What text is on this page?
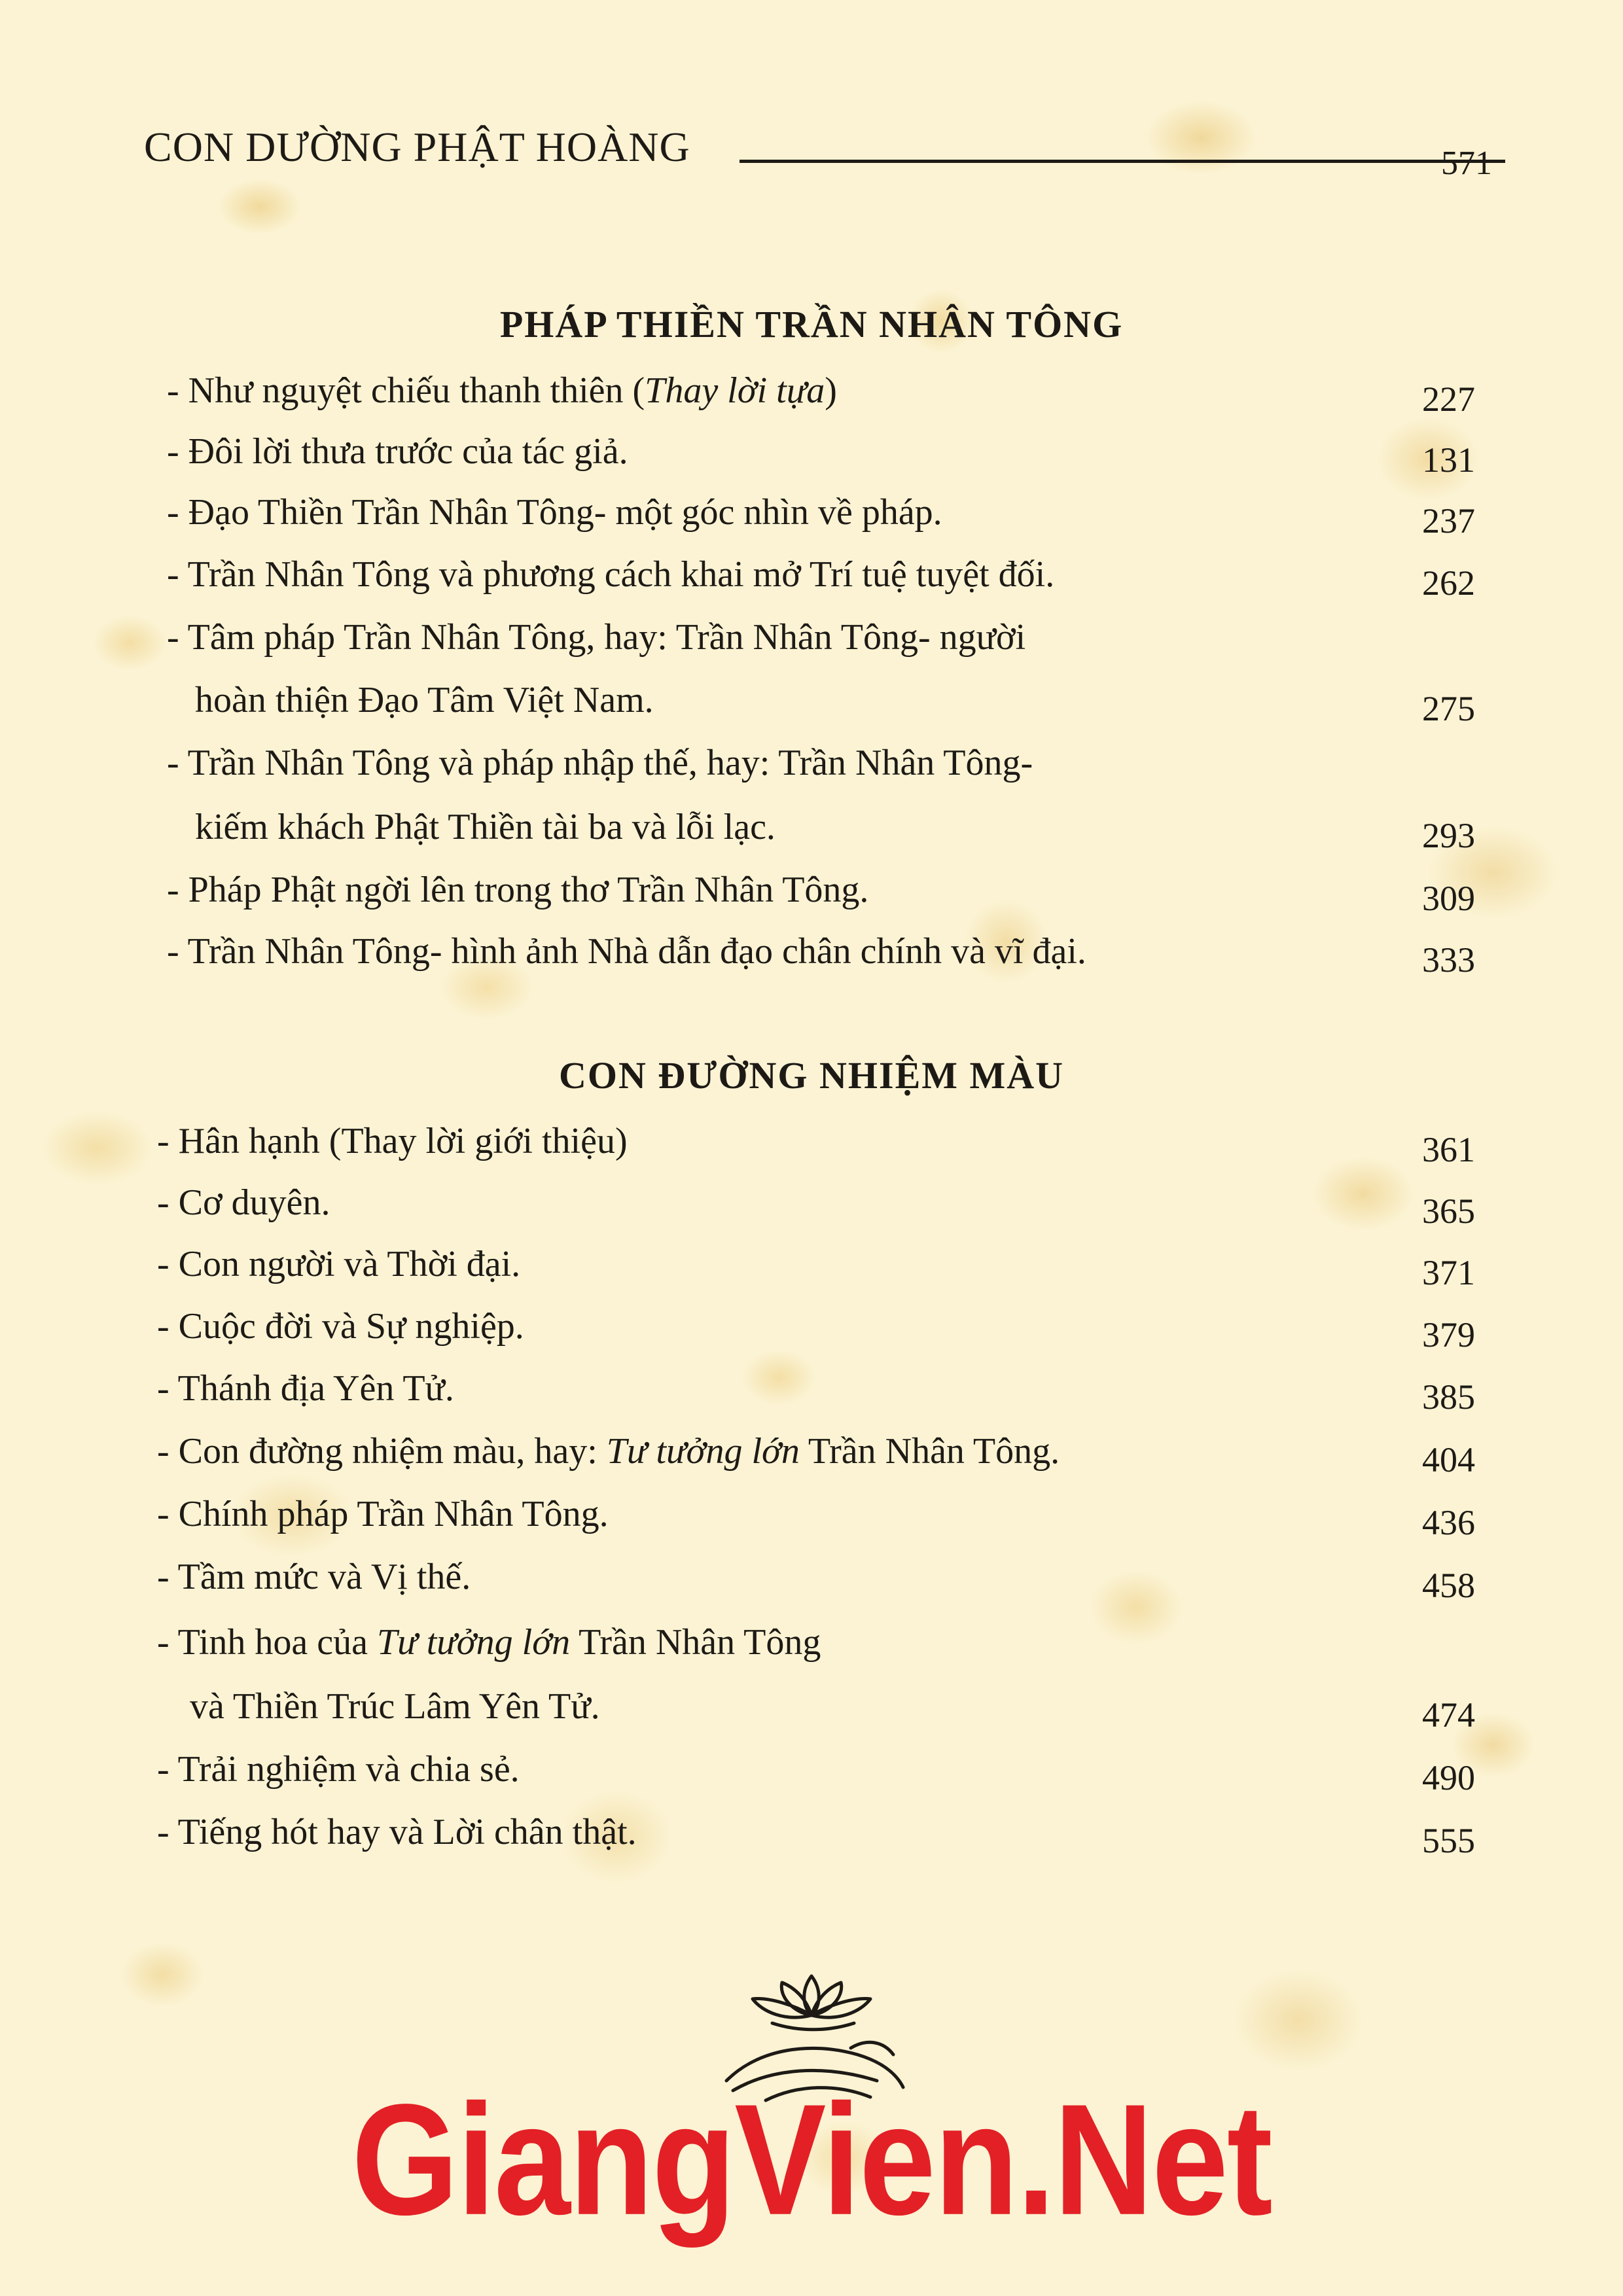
CON DƯỜNG PHẬT HOÀNG	571
PHÁP THIỀN TRẦN NHÂN TÔNG
- Như nguyệt chiếu thanh thiên (Thay lời tựa)	227
- Đôi lời thưa trước của tác giả.	131
- Đạo Thiền Trần Nhân Tông- một góc nhìn về pháp.	237
- Trần Nhân Tông và phương cách khai mở Trí tuệ tuyệt đối.	262
- Tâm pháp Trần Nhân Tông, hay: Trần Nhân Tông- người
hoàn thiện Đạo Tâm Việt Nam.	275
- Trần Nhân Tông và pháp nhập thế, hay: Trần Nhân Tông-
kiếm khách Phật Thiền tài ba và lỗi lạc.	293
- Pháp Phật ngời lên trong thơ Trần Nhân Tông.	309
- Trần Nhân Tông- hình ảnh Nhà dẫn đạo chân chính và vĩ đại.	333
CON ĐƯỜNG NHIỆM MÀU
- Hân hạnh (Thay lời giới thiệu)	361
- Cơ duyên.	365
- Con người và Thời đại.	371
- Cuộc đời và Sự nghiệp.	379
- Thánh địa Yên Tử.	385
- Con đường nhiệm màu, hay: Tư tưởng lớn Trần Nhân Tông.	404
- Chính pháp Trần Nhân Tông.	436
- Tầm mức và Vị thế.	458
- Tinh hoa của Tư tưởng lớn Trần Nhân Tông
và Thiền Trúc Lâm Yên Tử.	474
- Trải nghiệm và chia sẻ.	490
- Tiếng hót hay và Lời chân thật.	555
GiangVien.Net
